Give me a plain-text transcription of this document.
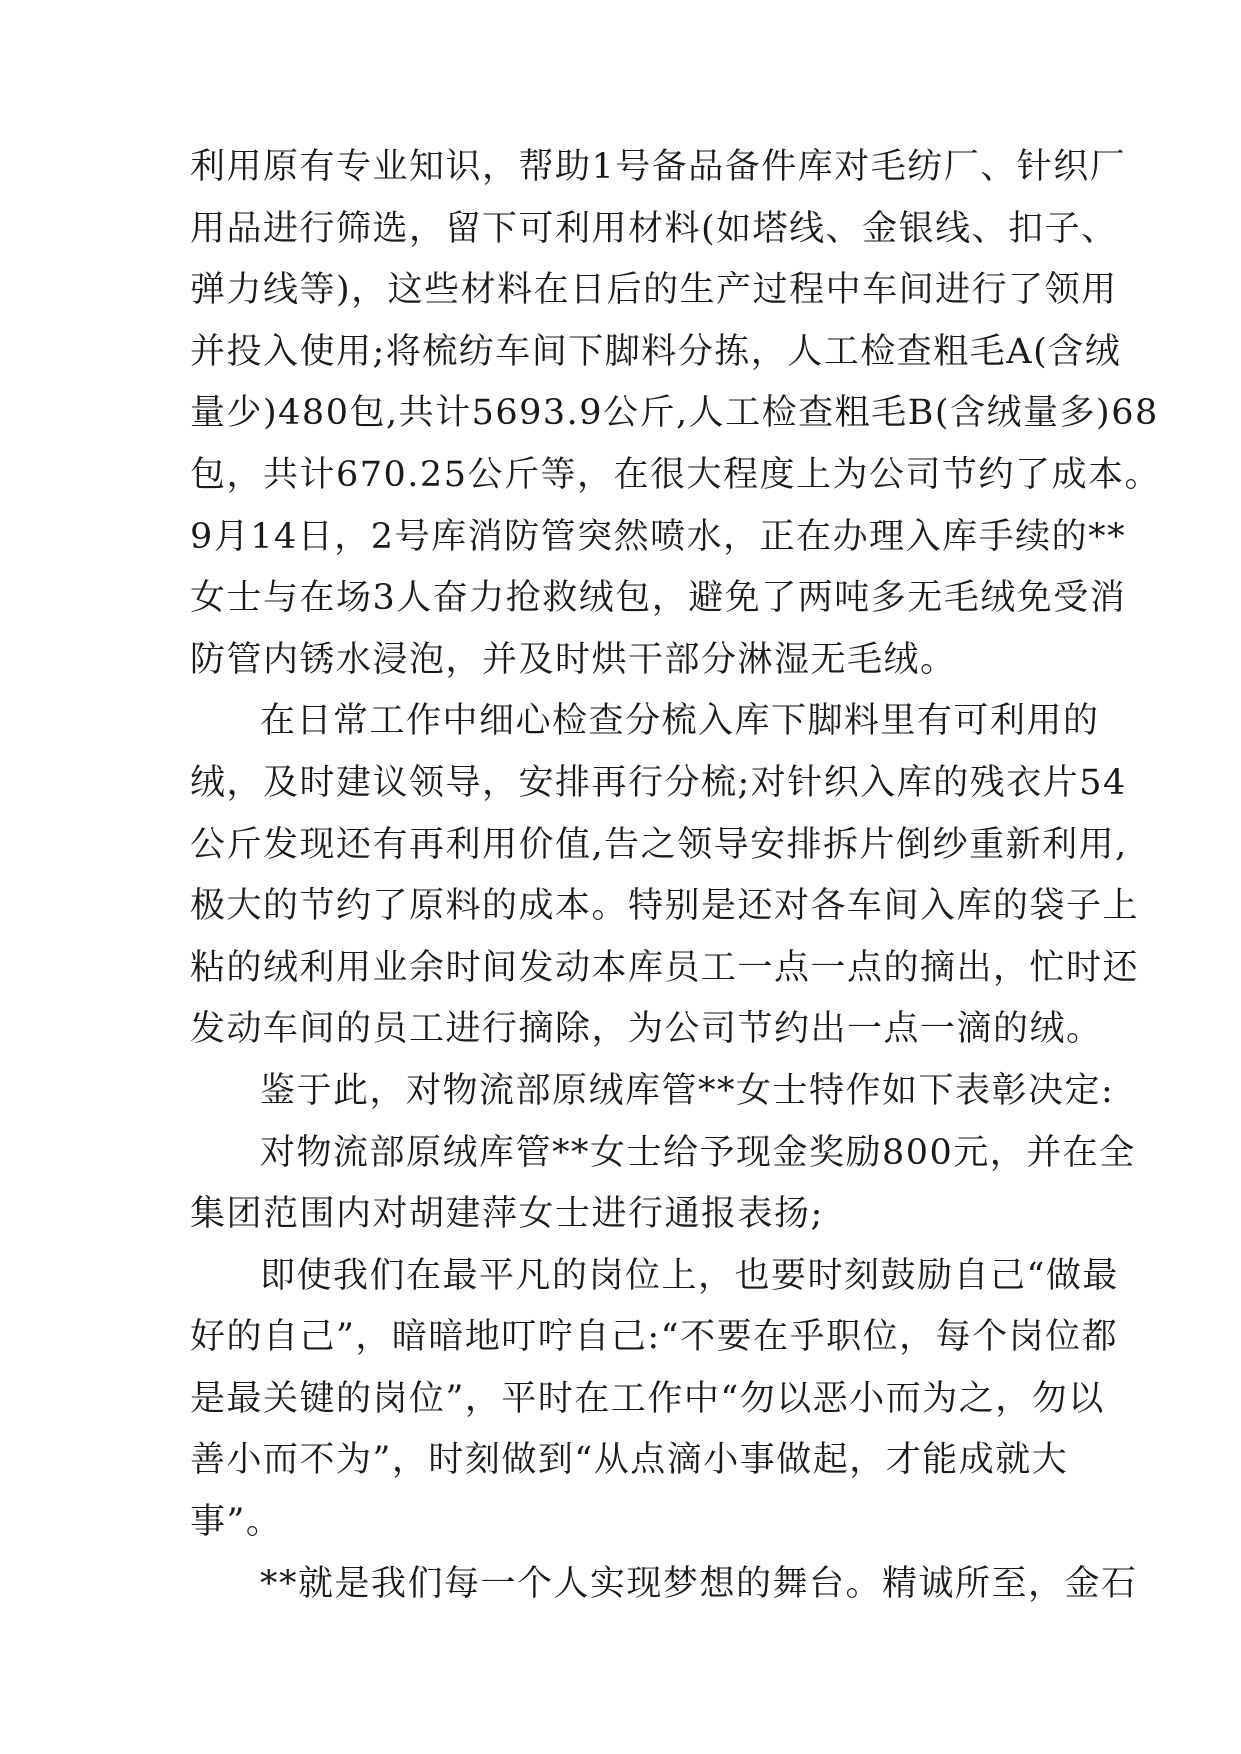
利用原有专业知识，帮助1号备品备件库对毛纺厂、针织厂
用品进行筛选，留下可利用材料(如塔线、金银线、扣子、
弹力线等)，这些材料在日后的生产过程中车间进行了领用
并投入使用;将梳纺车间下脚料分拣，人工检查粗毛A(含绒
量少)480包,共计5693.9公斤,人工检查粗毛B(含绒量多)68
包，共计670.25公斤等，在很大程度上为公司节约了成本。
9月14日，2号库消防管突然喷水，正在办理入库手续的**
女士与在场3人奋力抢救绒包，避免了两吨多无毛绒免受消
防管内锈水浸泡，并及时烘干部分淋湿无毛绒。
在日常工作中细心检查分梳入库下脚料里有可利用的
绒，及时建议领导，安排再行分梳;对针织入库的残衣片54
公斤发现还有再利用价值,告之领导安排拆片倒纱重新利用,
极大的节约了原料的成本。特别是还对各车间入库的袋子上
粘的绒利用业余时间发动本库员工一点一点的摘出，忙时还
发动车间的员工进行摘除，为公司节约出一点一滴的绒。
鉴于此，对物流部原绒库管**女士特作如下表彰决定:
对物流部原绒库管**女士给予现金奖励800元，并在全
集团范围内对胡建萍女士进行通报表扬;
即使我们在最平凡的岗位上，也要时刻鼓励自己“做最
好的自己”，暗暗地叮咛自己:“不要在乎职位，每个岗位都
是最关键的岗位”，平时在工作中“勿以恶小而为之，勿以
善小而不为”，时刻做到“从点滴小事做起，才能成就大
事”。
**就是我们每一个人实现梦想的舞台。精诚所至，金石
